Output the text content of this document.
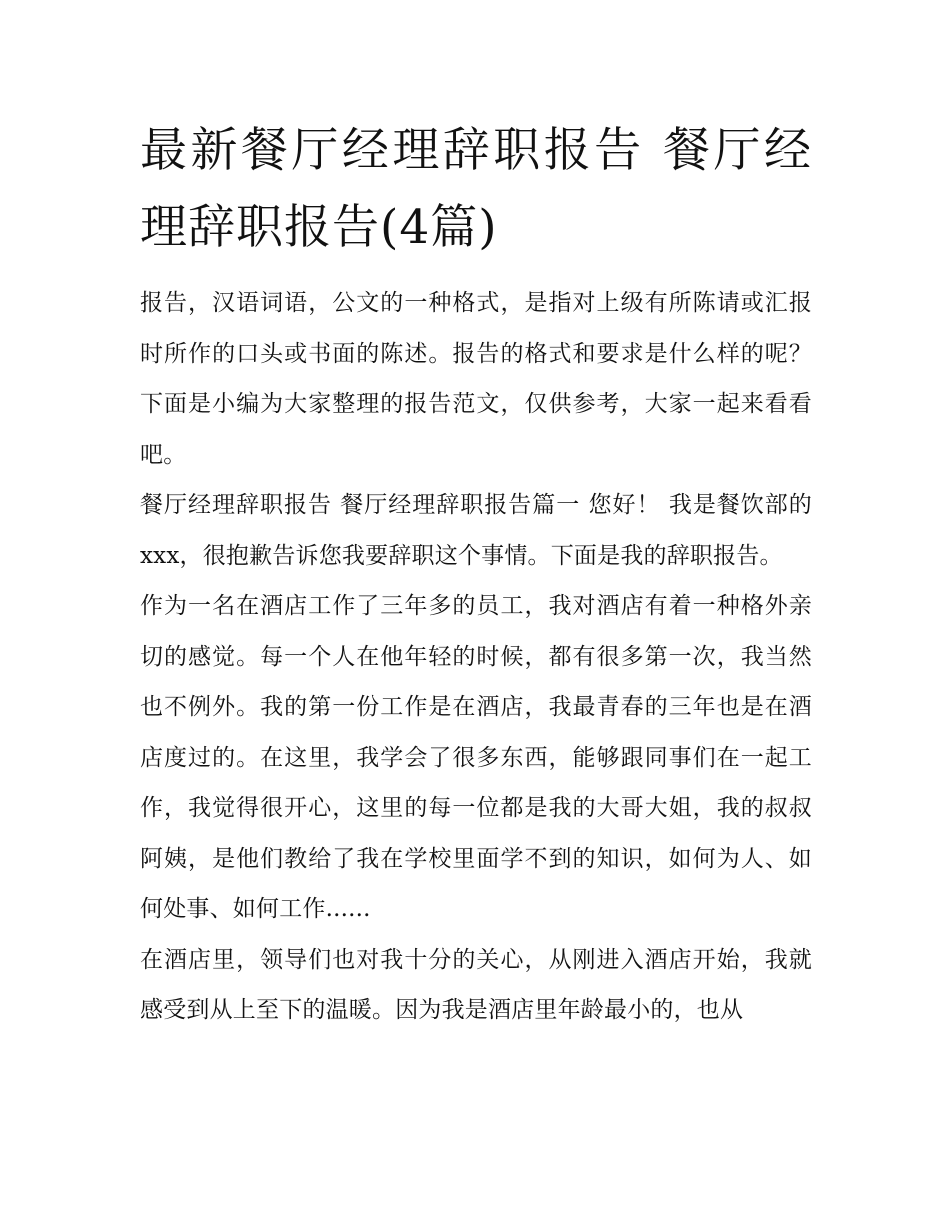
最新餐厅经理辞职报告 餐厅经理辞职报告(4篇)

报告，汉语词语，公文的一种格式，是指对上级有所陈请或汇报时所作的口头或书面的陈述。报告的格式和要求是什么样的呢？下面是小编为大家整理的报告范文，仅供参考，大家一起来看看吧。

餐厅经理辞职报告 餐厅经理辞职报告篇一 您好！ 我是餐饮部的xxx，很抱歉告诉您我要辞职这个事情。下面是我的辞职报告。

作为一名在酒店工作了三年多的员工，我对酒店有着一种格外亲切的感觉。每一个人在他年轻的时候，都有很多第一次，我当然也不例外。我的第一份工作是在酒店，我最青春的三年也是在酒店度过的。在这里，我学会了很多东西，能够跟同事们在一起工作，我觉得很开心，这里的每一位都是我的大哥大姐，我的叔叔阿姨，是他们教给了我在学校里面学不到的知识，如何为人、如何处事、如何工作......

在酒店里，领导们也对我十分的关心，从刚进入酒店开始，我就感受到从上至下的温暖。因为我是酒店里年龄最小的，也从
